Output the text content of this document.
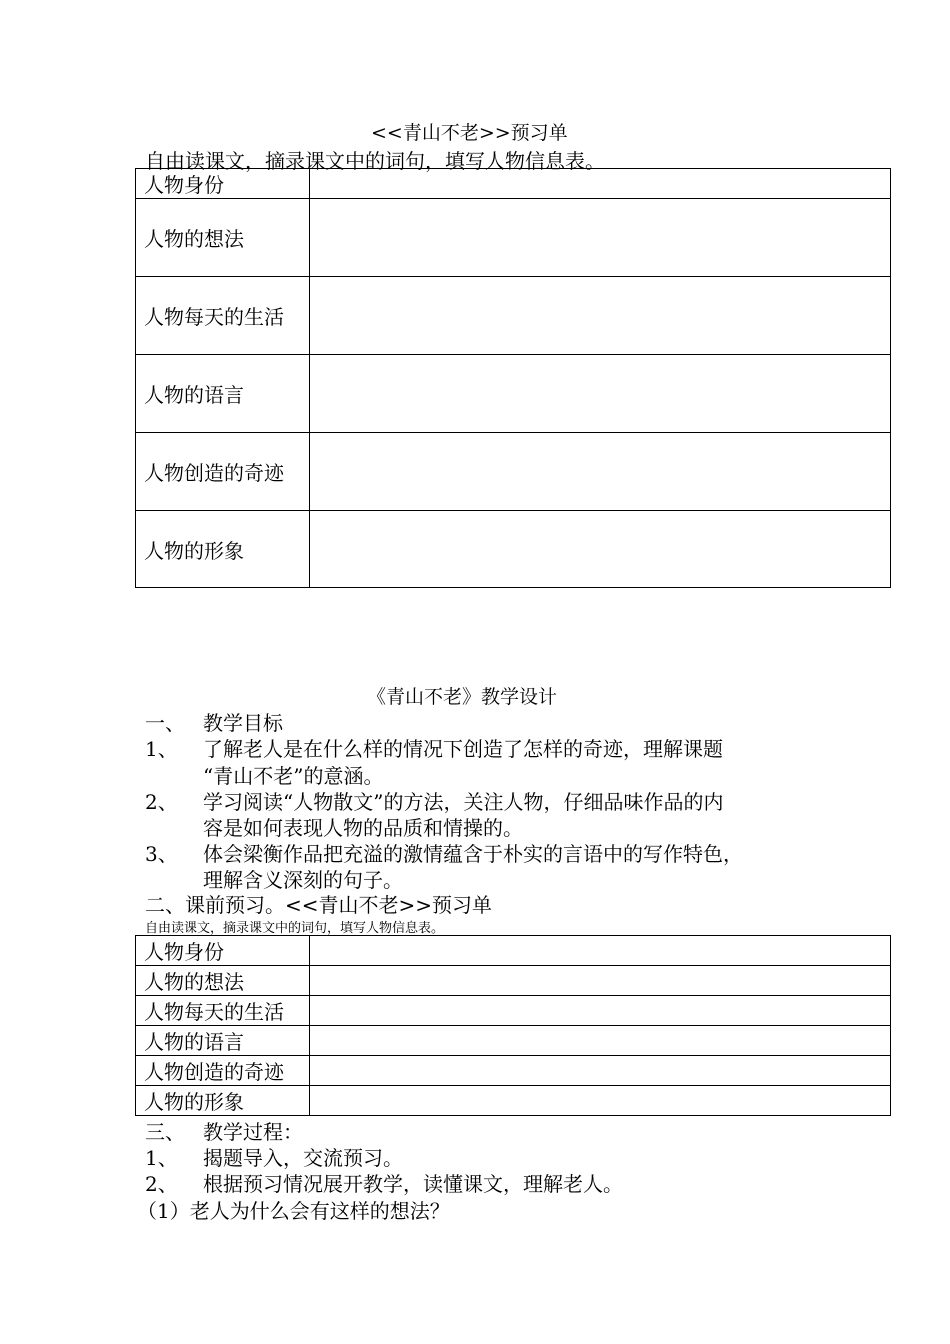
<<青山不老>>预习单
自由读课文，摘录课文中的词句，填写人物信息表。
人物身份	
人物的想法	
人物每天的生活	
人物的语言	
人物创造的奇迹	
人物的形象	
《青山不老》教学设计
一、 教学目标
1、 了解老人是在什么样的情况下创造了怎样的奇迹，理解课题
“青山不老”的意涵。
2、 学习阅读“人物散文”的方法，关注人物，仔细品味作品的内
容是如何表现人物的品质和情操的。
3、 体会梁衡作品把充溢的激情蕴含于朴实的言语中的写作特色，
理解含义深刻的句子。
二、课前预习。<<青山不老>>预习单
自由读课文，摘录课文中的词句，填写人物信息表。
人物身份	
人物的想法	
人物每天的生活	
人物的语言	
人物创造的奇迹	
人物的形象	
三、 教学过程：
1、 揭题导入，交流预习。
2、 根据预习情况展开教学，读懂课文，理解老人。
（1）老人为什么会有这样的想法？
